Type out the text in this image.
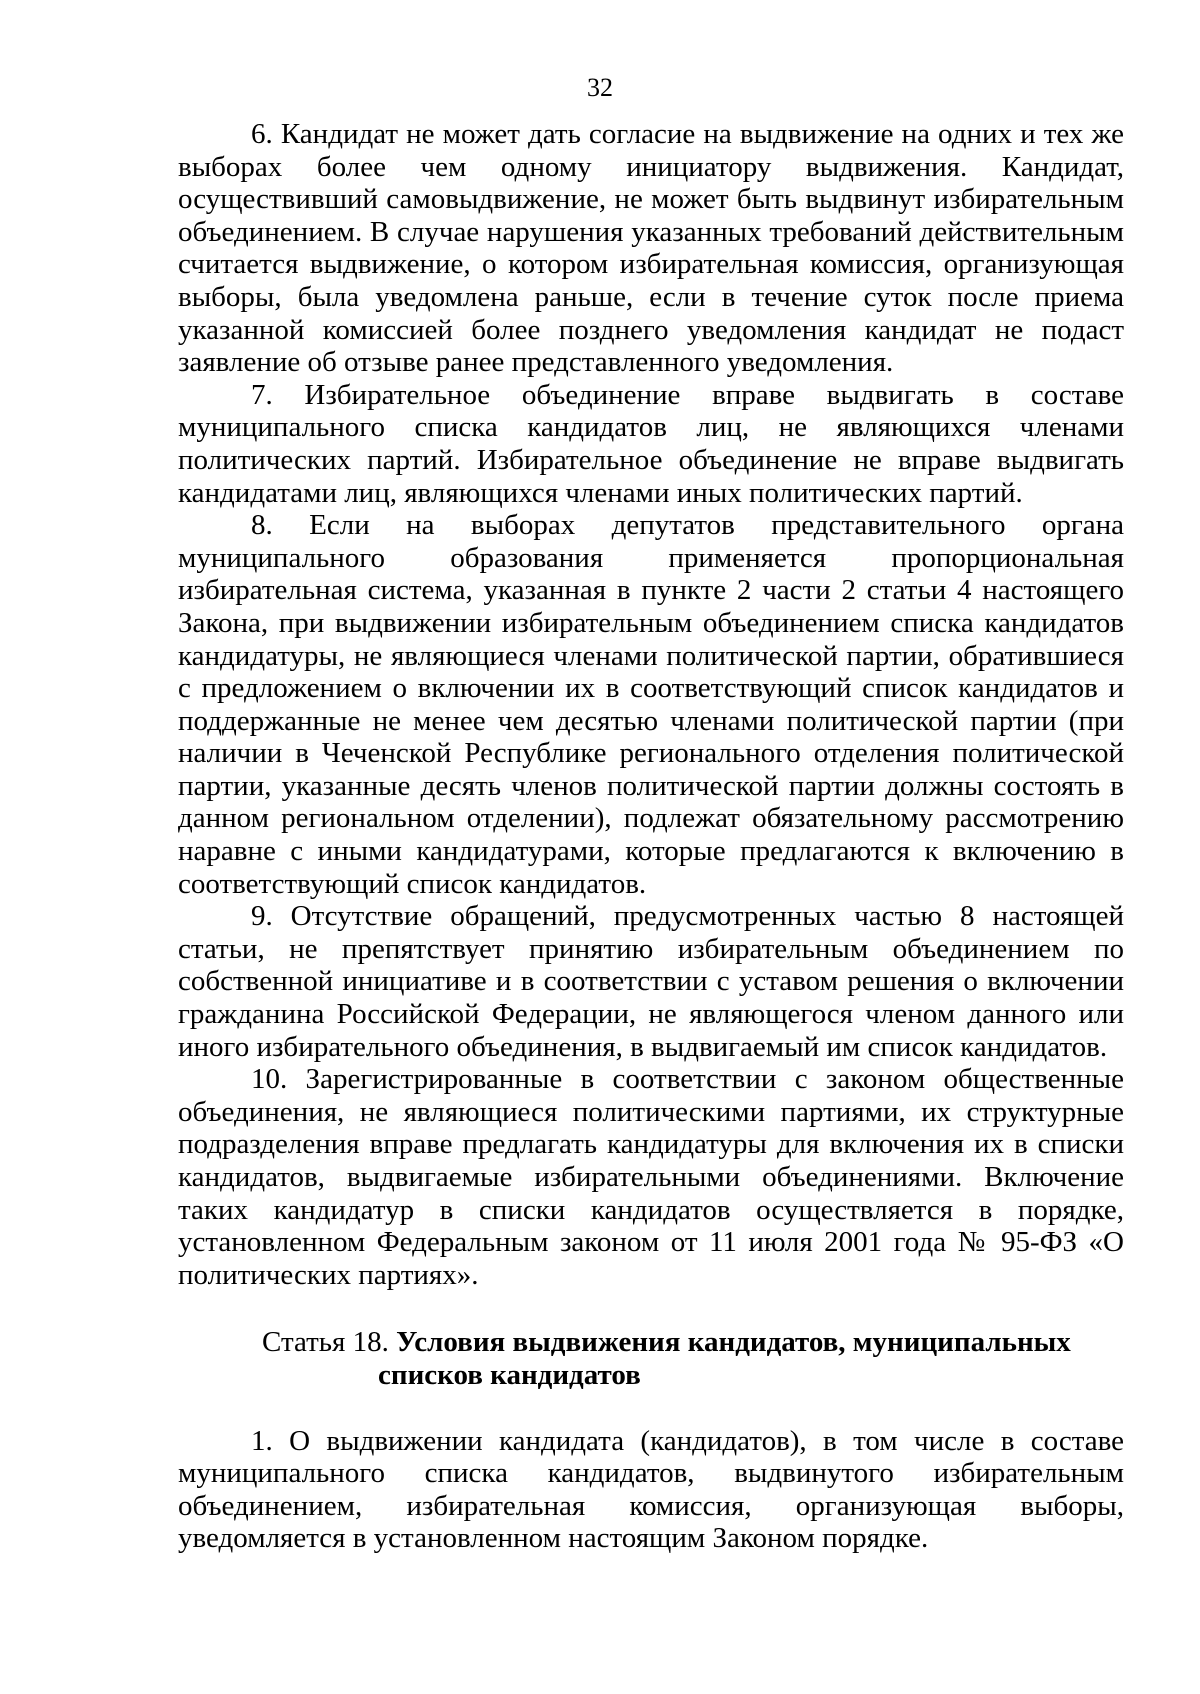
32

6. Кандидат не может дать согласие на выдвижение на одних и тех же выборах более чем одному инициатору выдвижения. Кандидат, осуществивший самовыдвижение, не может быть выдвинут избирательным объединением. В случае нарушения указанных требований действительным считается выдвижение, о котором избирательная комиссия, организующая выборы, была уведомлена раньше, если в течение суток после приема указанной комиссией более позднего уведомления кандидат не подаст заявление об отзыве ранее представленного уведомления.

7. Избирательное объединение вправе выдвигать в составе муниципального списка кандидатов лиц, не являющихся членами политических партий. Избирательное объединение не вправе выдвигать кандидатами лиц, являющихся членами иных политических партий.

8. Если на выборах депутатов представительного органа муниципального образования применяется пропорциональная избирательная система, указанная в пункте 2 части 2 статьи 4 настоящего Закона, при выдвижении избирательным объединением списка кандидатов кандидатуры, не являющиеся членами политической партии, обратившиеся с предложением о включении их в соответствующий список кандидатов и поддержанные не менее чем десятью членами политической партии (при наличии в Чеченской Республике регионального отделения политической партии, указанные десять членов политической партии должны состоять в данном региональном отделении), подлежат обязательному рассмотрению наравне с иными кандидатурами, которые предлагаются к включению в соответствующий список кандидатов.

9. Отсутствие обращений, предусмотренных частью 8 настоящей статьи, не препятствует принятию избирательным объединением по собственной инициативе и в соответствии с уставом решения о включении гражданина Российской Федерации, не являющегося членом данного или иного избирательного объединения, в выдвигаемый им список кандидатов.

10. Зарегистрированные в соответствии с законом общественные объединения, не являющиеся политическими партиями, их структурные подразделения вправе предлагать кандидатуры для включения их в списки кандидатов, выдвигаемые избирательными объединениями. Включение таких кандидатур в списки кандидатов осуществляется в порядке, установленном Федеральным законом от 11 июля 2001 года № 95-ФЗ «О политических партиях».

Статья 18. Условия выдвижения кандидатов, муниципальных списков кандидатов

1. О выдвижении кандидата (кандидатов), в том числе в составе муниципального списка кандидатов, выдвинутого избирательным объединением, избирательная комиссия, организующая выборы, уведомляется в установленном настоящим Законом порядке.
